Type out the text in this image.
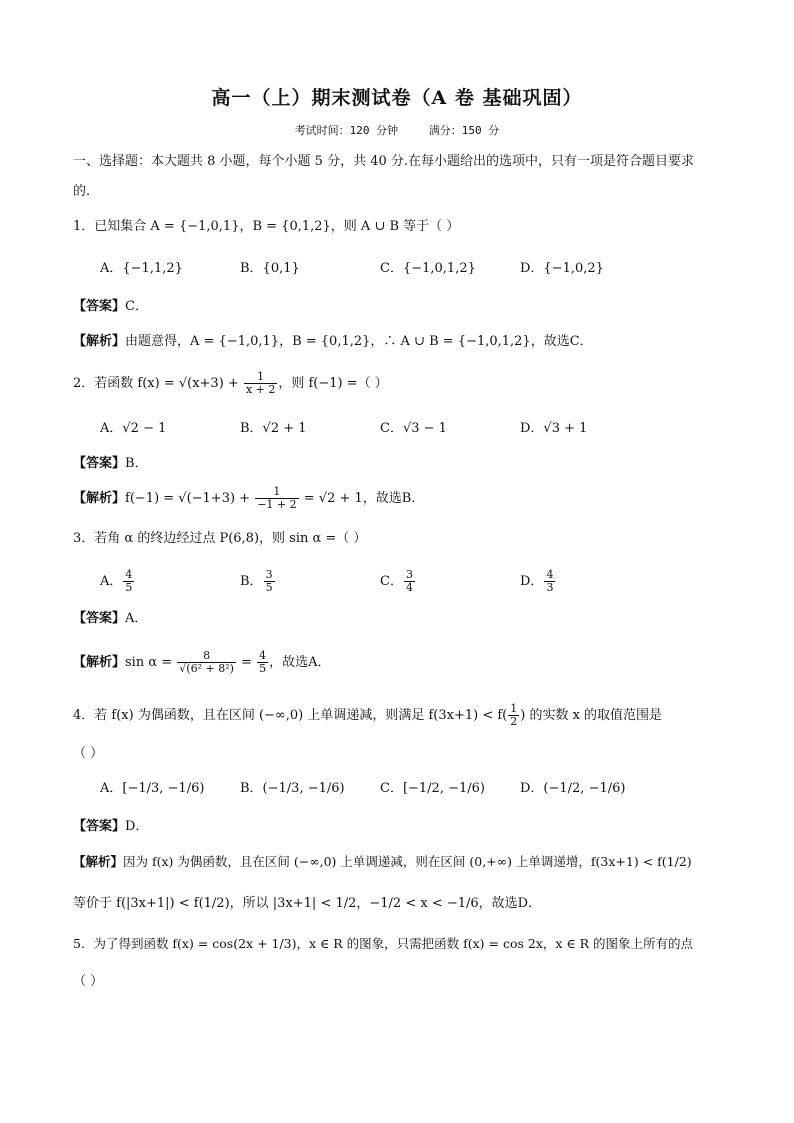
高一（上）期末测试卷（A 卷 基础巩固）
考试时间：120 分钟	满分：150 分
一、选择题：本大题共 8 小题，每个小题 5 分，共 40 分.在每小题给出的选项中，只有一项是符合题目要求
的.
1．已知集合 A = {−1,0,1}，B = {0,1,2}，则 A ∪ B 等于（ ）
A．{−1,1,2}	B．{0,1}	C．{−1,0,1,2}	D．{−1,0,2}
【答案】C．
【解析】由题意得，A = {−1,0,1}，B = {0,1,2}，∴ A ∪ B = {−1,0,1,2}，故选C．
2．若函数 $f(x) = √(x+3) + \frac{1}{x + 2}$ ，则 f(−1) =（ ）
A．√2 − 1	B．√2 + 1	C．√3 − 1	D．√3 + 1
【答案】B．
【解析】$f(-1) = √(-1+3) + \frac{1}{-1 + 2} = √2 + 1$，故选B．
3．若角 α 的终边经过点 P(6,8)，则 sin α =（ ）
A． $\frac{4}{5}$	B． $\frac{3}{5}$	C． $\frac{3}{4}$	D． $\frac{4}{3}$
【答案】A．
【解析】$\sin \alpha = \frac{8}{\text{√(6² + 8²)}} = \frac{4}{5}$ ，故选A．
4．若 f(x) 为偶函数，且在区间 (−∞,0) 上单调递减，则满足 $f(3x+1) < f( \frac{1}{2}$ ) 的实数 x 的取值范围是
（ ）
A．[−1/3, −1/6)	B．(−1/3, −1/6)	C．[−1/2, −1/6)	D．(−1/2, −1/6)
【答案】D．
【解析】因为 f(x) 为偶函数，且在区间 (−∞,0) 上单调递减，则在区间 (0,+∞) 上单调递增，f(3x+1) < f(1/2)
等价于 f(|3x+1|) < f(1/2)，所以 |3x+1| < 1/2，−1/2 < x < −1/6，故选D．
5．为了得到函数 f(x) = cos(2x + 1/3)，x ∈ R 的图象，只需把函数 f(x) = cos 2x，x ∈ R 的图象上所有的点
（ ）
